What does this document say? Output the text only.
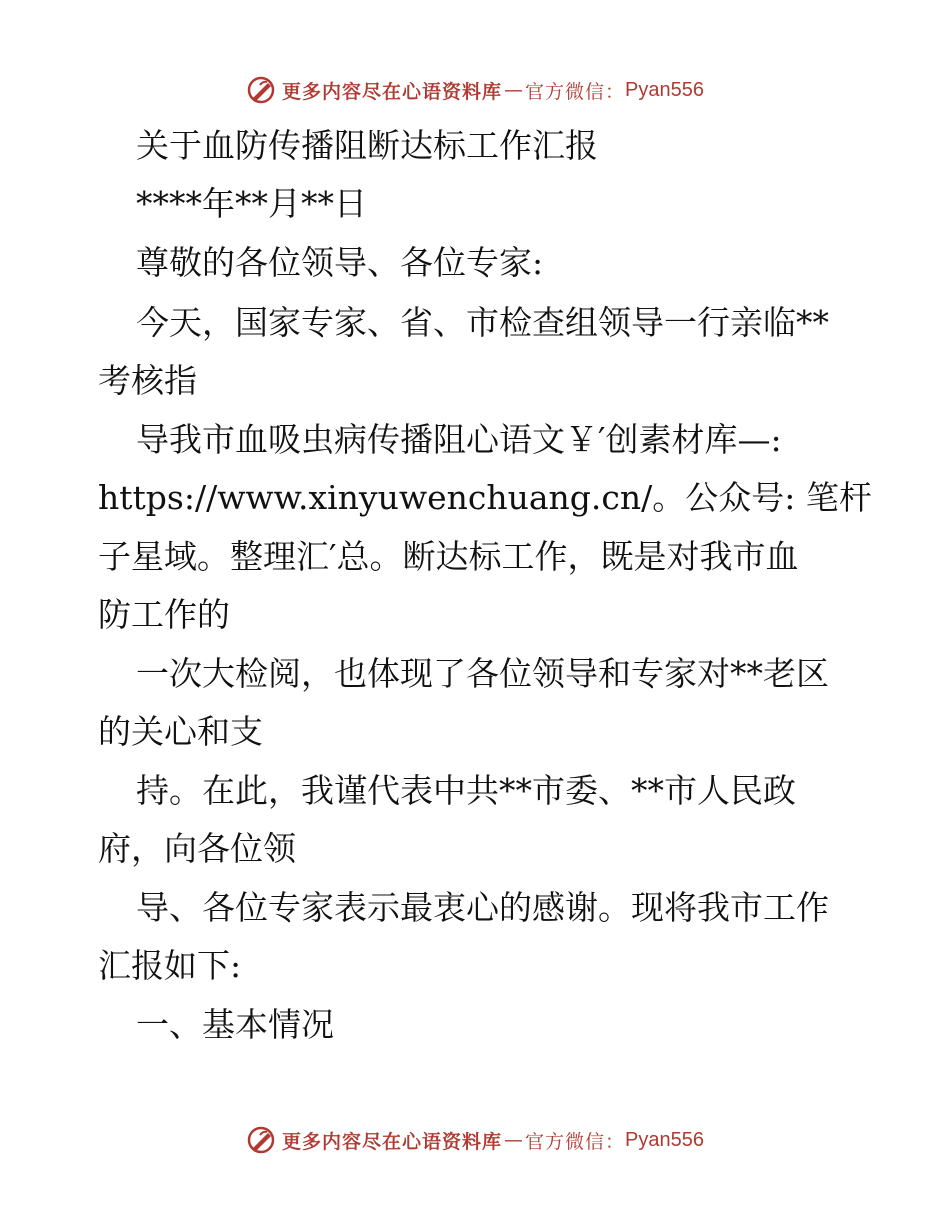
更多内容尽在心语资料库 — 官方微信： Pyan556
关于血防传播阻断达标工作汇报
****年**月**日
尊敬的各位领导、各位专家:
今天，国家专家、省、市检查组领导一行亲临**
考核指
导我市血吸虫病传播阻心语文￥′创素材库—:
https://www.xinyuwenchuang.cn/。公众号: 笔杆
子星域。整理汇′总。断达标工作，既是对我市血
防工作的
一次大检阅，也体现了各位领导和专家对**老区
的关心和支
持。在此，我谨代表中共**市委、**市人民政
府，向各位领
导、各位专家表示最衷心的感谢。现将我市工作
汇报如下:
一、基本情况
更多内容尽在心语资料库 — 官方微信： Pyan556
